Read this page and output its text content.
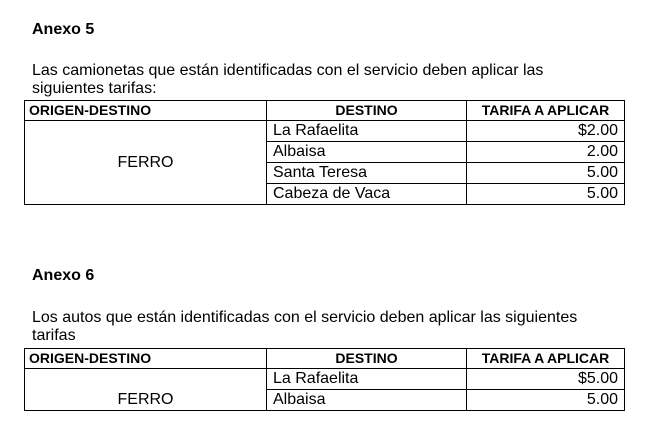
Anexo 5
Las camionetas que están identificadas con el servicio deben aplicar las siguientes tarifas:
ORIGEN-DESTINO	DESTINO	TARIFA A APLICAR
FERRO	La Rafaelita	$2.00
	Albaisa	2.00
	Santa Teresa	5.00
	Cabeza de Vaca	5.00
Anexo 6
Los autos que están identificadas con el servicio deben aplicar las siguientes tarifas
ORIGEN-DESTINO	DESTINO	TARIFA A APLICAR
FERRO	La Rafaelita	$5.00
	Albaisa	5.00
